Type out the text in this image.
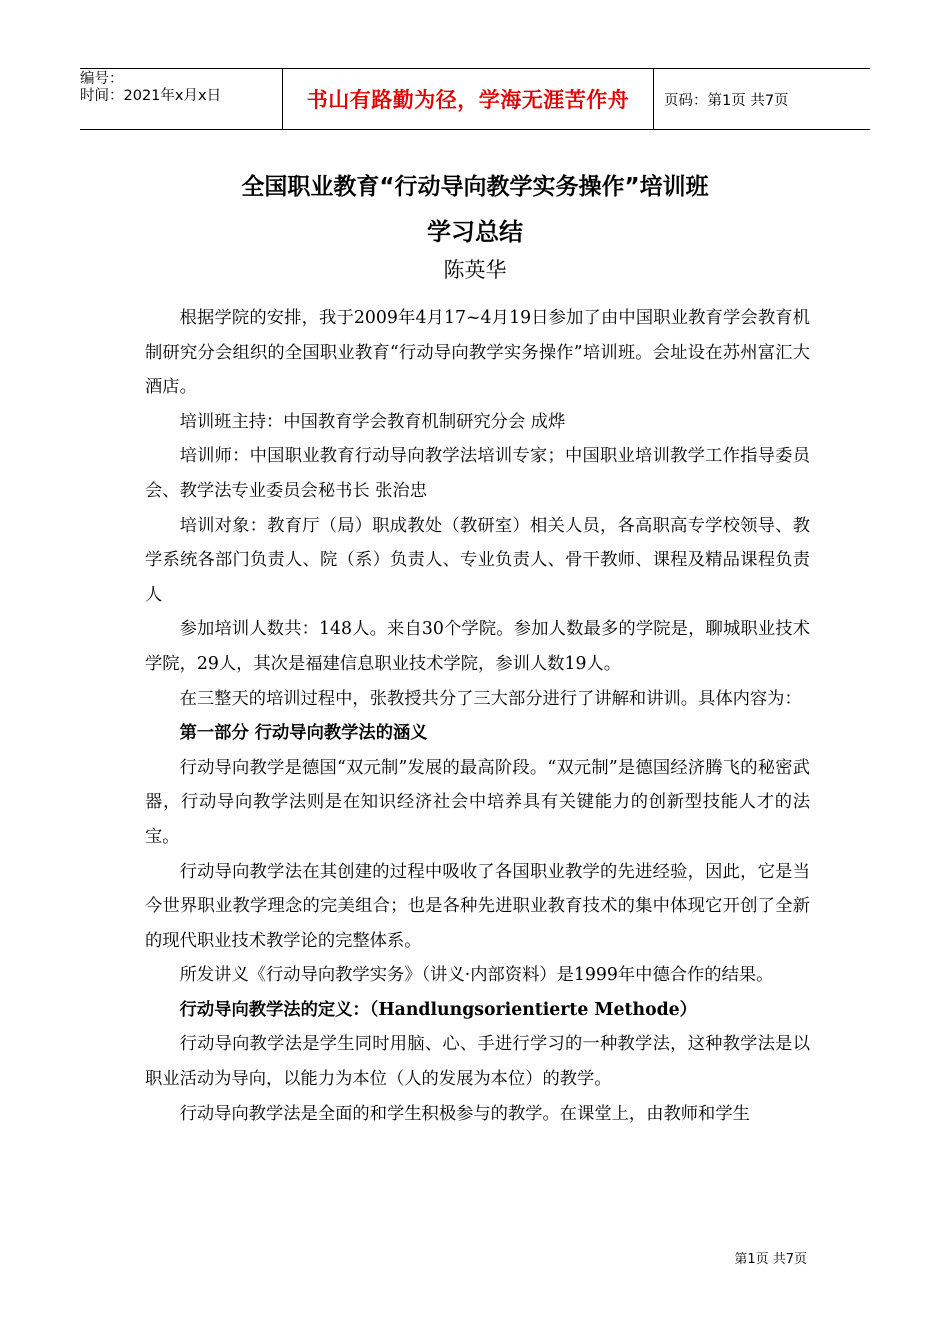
编号：
时间：2021年x月x日	书山有路勤为径，学海无涯苦作舟	页码：第1页 共7页
全国职业教育“行动导向教学实务操作”培训班
学习总结
陈英华

根据学院的安排，我于2009年4月17~4月19日参加了由中国职业教育学会教育机制研究分会组织的全国职业教育“行动导向教学实务操作”培训班。会址设在苏州富汇大酒店。

培训班主持：中国教育学会教育机制研究分会 成烨

培训师：中国职业教育行动导向教学法培训专家；中国职业培训教学工作指导委员会、教学法专业委员会秘书长 张治忠

培训对象：教育厅（局）职成教处（教研室）相关人员，各高职高专学校领导、教学系统各部门负责人、院（系）负责人、专业负责人、骨干教师、课程及精品课程负责人

参加培训人数共：148人。来自30个学院。参加人数最多的学院是，聊城职业技术学院，29人，其次是福建信息职业技术学院，参训人数19人。

在三整天的培训过程中，张教授共分了三大部分进行了讲解和讲训。具体内容为：

第一部分 行动导向教学法的涵义

行动导向教学是德国“双元制”发展的最高阶段。“双元制”是德国经济腾飞的秘密武器，行动导向教学法则是在知识经济社会中培养具有关键能力的创新型技能人才的法宝。

行动导向教学法在其创建的过程中吸收了各国职业教学的先进经验，因此，它是当今世界职业教学理念的完美组合；也是各种先进职业教育技术的集中体现它开创了全新的现代职业技术教学论的完整体系。

所发讲义《行动导向教学实务》（讲义·内部资料）是1999年中德合作的结果。

行动导向教学法的定义：（Handlungsorientierte Methode）

行动导向教学法是学生同时用脑、心、手进行学习的一种教学法，这种教学法是以职业活动为导向，以能力为本位（人的发展为本位）的教学。

行动导向教学法是全面的和学生积极参与的教学。在课堂上，由教师和学生

第1页 共7页
